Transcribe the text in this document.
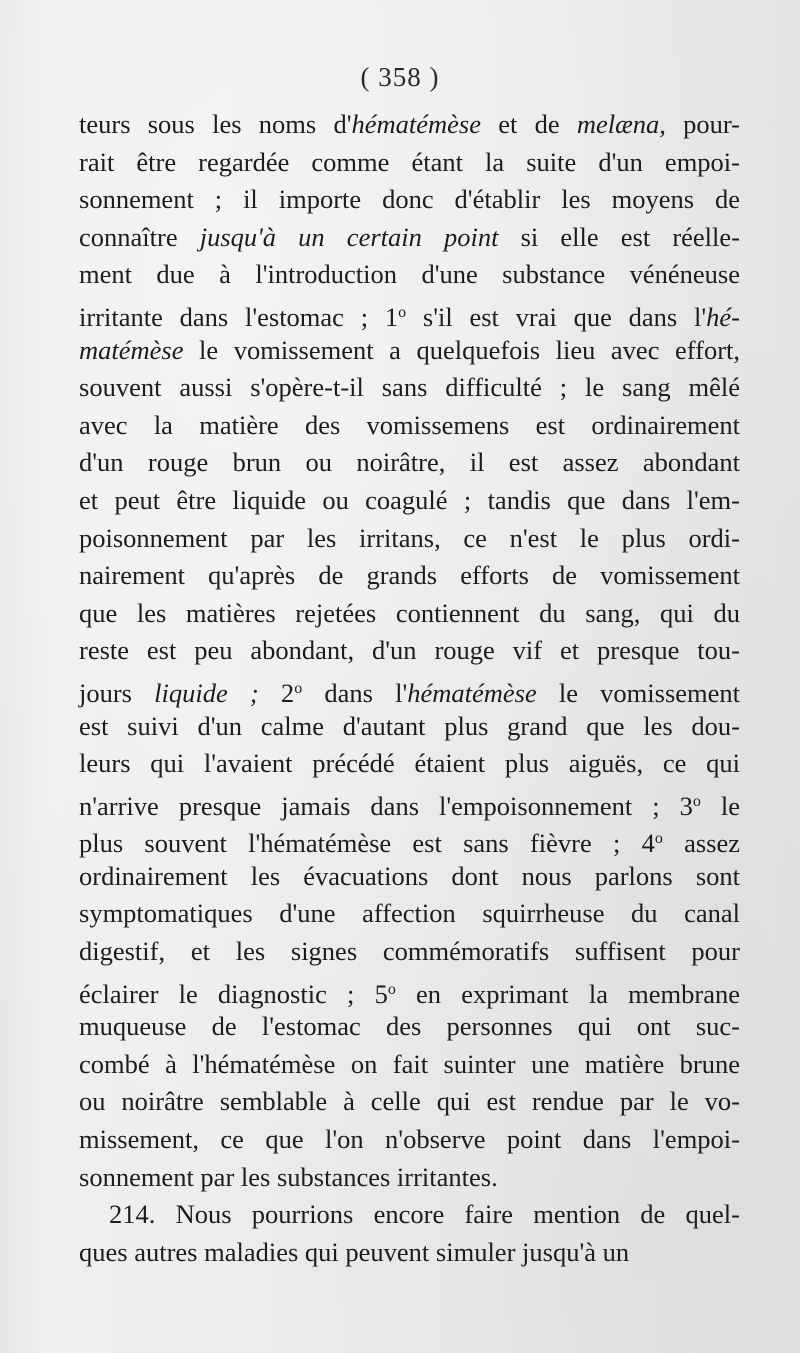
( 358 )
teurs sous les noms d'hématémèse et de melæna, pour-
rait être regardée comme étant la suite d'un empoi-
sonnement ; il importe donc d'établir les moyens de
connaître jusqu'à un certain point si elle est réelle-
ment due à l'introduction d'une substance vénéneuse
irritante dans l'estomac ; 1$^o$ s'il est vrai que dans l'hé-
matémèse le vomissement a quelquefois lieu avec effort,
souvent aussi s'opère-t-il sans difficulté ; le sang mêlé
avec la matière des vomissemens est ordinairement
d'un rouge brun ou noirâtre, il est assez abondant
et peut être liquide ou coagulé ; tandis que dans l'em-
poisonnement par les irritans, ce n'est le plus ordi-
nairement qu'après de grands efforts de vomissement
que les matières rejetées contiennent du sang, qui du
reste est peu abondant, d'un rouge vif et presque tou-
jours liquide ; 2$^o$ dans l'hématémèse le vomissement
est suivi d'un calme d'autant plus grand que les dou-
leurs qui l'avaient précédé étaient plus aiguës, ce qui
n'arrive presque jamais dans l'empoisonnement ; 3$^o$ le
plus souvent l'hématémèse est sans fièvre ; 4$^o$ assez
ordinairement les évacuations dont nous parlons sont
symptomatiques d'une affection squirrheuse du canal
digestif, et les signes commémoratifs suffisent pour
éclairer le diagnostic ; 5$^o$ en exprimant la membrane
muqueuse de l'estomac des personnes qui ont suc-
combé à l'hématémèse on fait suinter une matière brune
ou noirâtre semblable à celle qui est rendue par le vo-
missement, ce que l'on n'observe point dans l'empoi-
sonnement par les substances irritantes.
214. Nous pourrions encore faire mention de quel-
ques autres maladies qui peuvent simuler jusqu'à un
